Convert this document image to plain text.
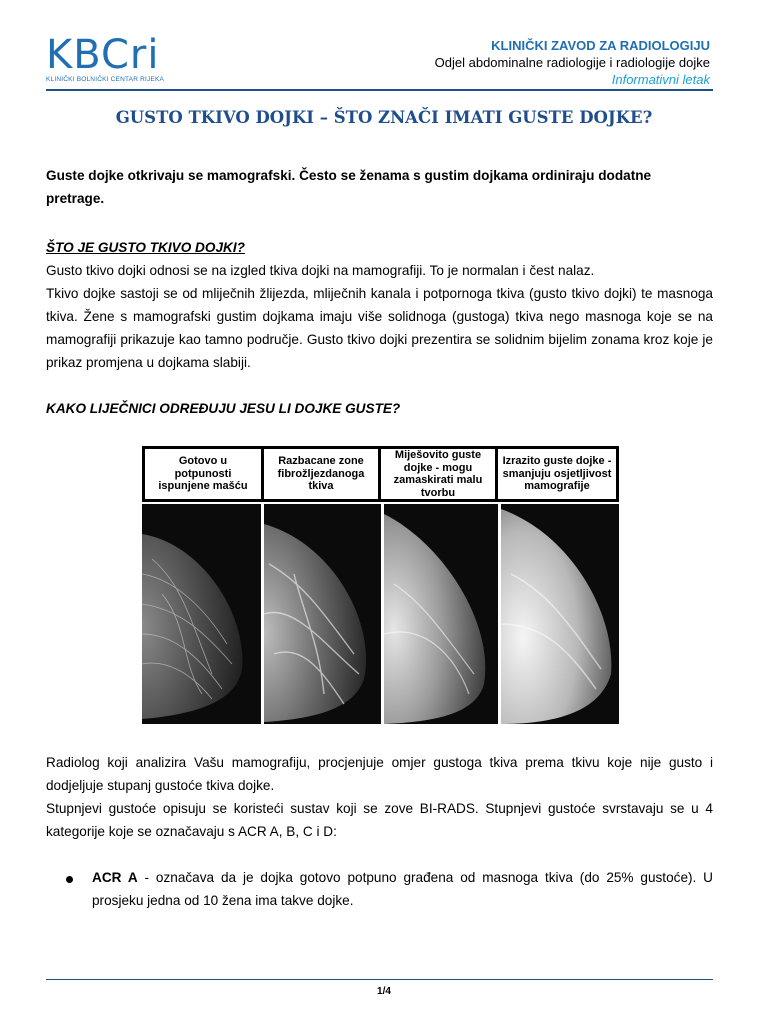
KBCri
KLINIČKI BOLNIČKI CENTAR RIJEKA
KLINIČKI ZAVOD ZA RADIOLOGIJU
Odjel abdominalne radiologije i radiologije dojke
Informativni letak
GUSTO TKIVO DOJKI – ŠTO ZNAČI IMATI GUSTE DOJKE?
Guste dojke otkrivaju se mamografski. Često se ženama s gustim dojkama ordiniraju dodatne pretrage.
ŠTO JE GUSTO TKIVO DOJKI?
Gusto tkivo dojki odnosi se na izgled tkiva dojki na mamografiji. To je normalan i čest nalaz.
Tkivo dojke sastoji se od mliječnih žlijezda, mliječnih kanala i potpornoga tkiva (gusto tkivo dojki) te masnoga tkiva. Žene s mamografski gustim dojkama imaju više solidnoga (gustoga) tkiva nego masnoga koje se na mamografiji prikazuje kao tamno područje. Gusto tkivo dojki prezentira se solidnim bijelim zonama kroz koje je prikaz promjena u dojkama slabiji.
KAKO LIJEČNICI ODREĐUJU JESU LI DOJKE GUSTE?
Gotovo u potpunosti ispunjene mašću
Razbacane zone fibrožljezdanoga tkiva
Miješovito guste dojke - mogu zamaskirati malu tvorbu
Izrazito guste dojke - smanjuju osjetljivost mamografije
Radiolog koji analizira Vašu mamografiju, procjenjuje omjer gustoga tkiva prema tkivu koje nije gusto i dodjeljuje stupanj gustoće tkiva dojke.
Stupnjevi gustoće opisuju se koristeći sustav koji se zove BI-RADS. Stupnjevi gustoće svrstavaju se u 4 kategorije koje se označavaju s ACR A, B, C i D:
ACR A - označava da je dojka gotovo potpuno građena od masnoga tkiva (do 25% gustoće). U prosjeku jedna od 10 žena ima takve dojke.
1/4
